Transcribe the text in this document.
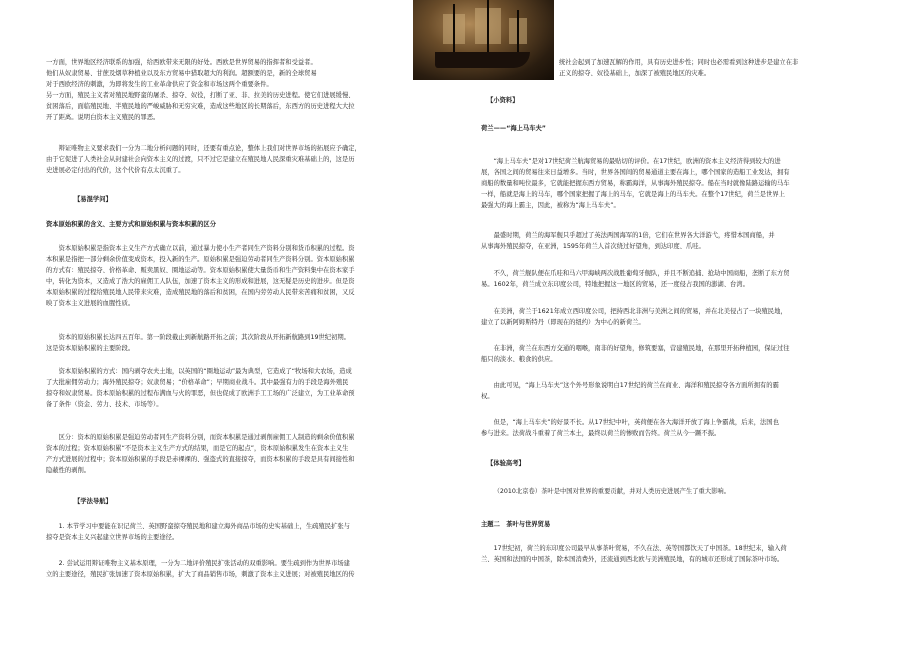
一方面，世界地区经济联系的加强，给西欧带来无限的好处。西欧是世界贸易的指挥者和受益者。

他们从奴隶贸易、甘蔗及烟草种植业以及东方贸易中猎取超大的利润。超额要的是，新的全球贸易

对于西欧经济的刺激，为即将发生的工业革命供应了资金和市场这两个重要条件。

另一方面，殖民主义者对殖民地野蛮的屠杀、掠夺、奴役，打断了亚、非、拉美的历史进程。使它们进展缓慢、

贫困落后，面临殖民地、半殖民地的严峻威胁和无穷灾难，造成这些地区的长期落后，东西方的历史进程大大拉

开了距离。说明白资本主义殖民的罪恶。

辩证唯物主义要求我们一分为二地分析问题的同时，还要有重点论，整体上我们对世界市场的拓展应予确定，

由于它促进了人类社会从封建社会向资本主义的过渡，只不过它是建立在殖民地人民深重灾难基础上的，这是历

史进展必定付出的代价，这个代价有点太沉重了。

【易混学问】
资本原始积累的含义、主要方式和原始积累与资本积累的区分

资本原始积累是指资本主义生产方式确立以前，通过暴力使小生产者同生产资料分别和货币积累的过程。资

本积累是指把一部分剩余价值变成资本，投入新的生产。原始积累是强迫劳动者同生产资料分别。资本原始积累

的方式有：殖民掠夺、价格革命、贩卖黑奴、圈地运动等。资本原始积累使大量货币和生产资料集中在资本家手

中，转化为资本，又造成了浩大的雇佣工人队伍，加速了资本主义的形成和进展，这无疑是历史的进步。但是资

本原始积累的过程给殖民地人民带来灾难，造成殖民地的落后和贫困，在国内劳劳动人民带来苦痛和贫困，又反

映了资本主义进展的血腥性质。

资本的原始积累长达四五百年。第一阶段截止到新航路开拓之前；其次阶段从开拓新航路到19世纪初期。

这是资本原始积累的主要阶段。

资本原始积累的方式：国内剥夺农夫土地，以英国的“圈地运动”最为典型，它造成了“牧场和大农场，造成

了大批雇佣劳动力；海外殖民掠夺；奴隶贸易；“价格革命”；早期商业战斗。其中最强有力的手段是海外殖民

掠夺和奴隶贸易。资本原始积累的过程布满血与火的罪恶，但也促成了欧洲手工工场的广泛建立，为工业革命预

备了条件（资金、劳力、技术、市场等）。

区分：资本的原始积累是强迫劳动者同生产资料分别，而资本积累是通过剥削雇佣工人制造的剩余价值积累

资本的过程；资本原始积累“不是资本主义生产方式的结果，而是它的起点”，资本原始积累发生在资本主义生

产方式进展的过程中；资本原始积累的手段是赤裸裸的、强盗式的直接掠夺，而资本积累的手段是具有间接性和

隐蔽性的剥削。

【学法导航】

1. 本节学习中要能在识记荷兰、英国野蛮掠夺殖民地和建立海外商品市场的史实基础上，生疏殖民扩张与

掠夺是资本主义兴起建立世界市场的主要途径。

2. 尝试运用辩证唯物主义基本原理，一分为二地评价殖民扩张活动的双重影响。要生疏到作为世界市场建

立的主要途径，殖民扩张加速了资本原始积累，扩大了商品销售市场，刺激了资本主义进展；对被殖民地区的传

统社会起到了加速瓦解的作用，具有历史进步性；同时也必需看到这种进步是建立在非

正义的掠夺、奴役基础上，加深了被殖民地区的灾难。

【小资料】
荷兰——“海上马车夫”

“海上马车夫”是对17世纪荷兰航海贸易的最贴切的评价。在17世纪，欧洲的资本主义经济得到较大的进

展，各国之间的贸易往来日益增多。当时，世界各国间的贸易通道主要在海上，哪个国家的造船工业发达，拥有

商船的数量和吨位最多，它就能把握东西方贸易，称霸海洋，从事海外殖民掠夺。船在当时就像陆路运输的马车

一样，船就是海上的马车，哪个国家把握了海上的马车，它就是海上的马车夫。在整个17世纪，荷兰是世界上

最强大的海上霸主，因此，被称为“海上马车夫”。

最盛时期，荷兰的海军舰只乎超过了英法两国海军的1倍，它们在世界各大洋游弋，疼惜本国商船，并

从事海外殖民掠夺，在亚洲，1595年荷兰人首次绕过好望角，到达印度、爪哇。

不久，荷兰舰队便在爪哇和马六甲海峡两次战胜葡萄牙舰队，并且不断追捕、抢劫中国商船，垄断了东方贸

易。1602年，荷兰成立东印度公司，特地把握这一地区的贸易，还一度侵占我国的澎湖、台湾。

在美洲，荷兰于1621年成立西印度公司，把持西北非洲与美洲之间的贸易，并在北美侵占了一块殖民地，

建立了以新阿姆斯特丹（即现在的纽约）为中心的新荷兰。

在非洲，荷兰在东西方交通的咽喉，南非的好望角，修筑要塞，营建殖民地，在那里开拓种植园，保证过往

船只的淡水、粮食的供应。

由此可见，“海上马车夫”这个外号形象说明白17世纪的荷兰在商业、海洋和殖民掠夺各方面所拥有的霸

权。

但是，“海上马车夫”的好景不长。从17世纪中叶，英荷便在各大海洋开放了海上争霸战，后来，法国也

参与进来。法荷战斗重着了荷兰本土，最终以荷兰的惨败而告终。荷兰从今一蹶不振。

【体验高考】

（2010北京卷）茶叶是中国对世界的重要贡献，并对人类历史进展产生了重大影响。

主题二　茶叶与世界贸易

17世纪初，荷兰的东印度公司最早从事茶叶贸易，不久在法、英等国都饮天了中国茶。18世纪末，输入荷

兰、英国和法国的中国茶，除本国消费外，还流通到西北欧与美洲殖民地，有的城市还形成了国际茶叶市场。
